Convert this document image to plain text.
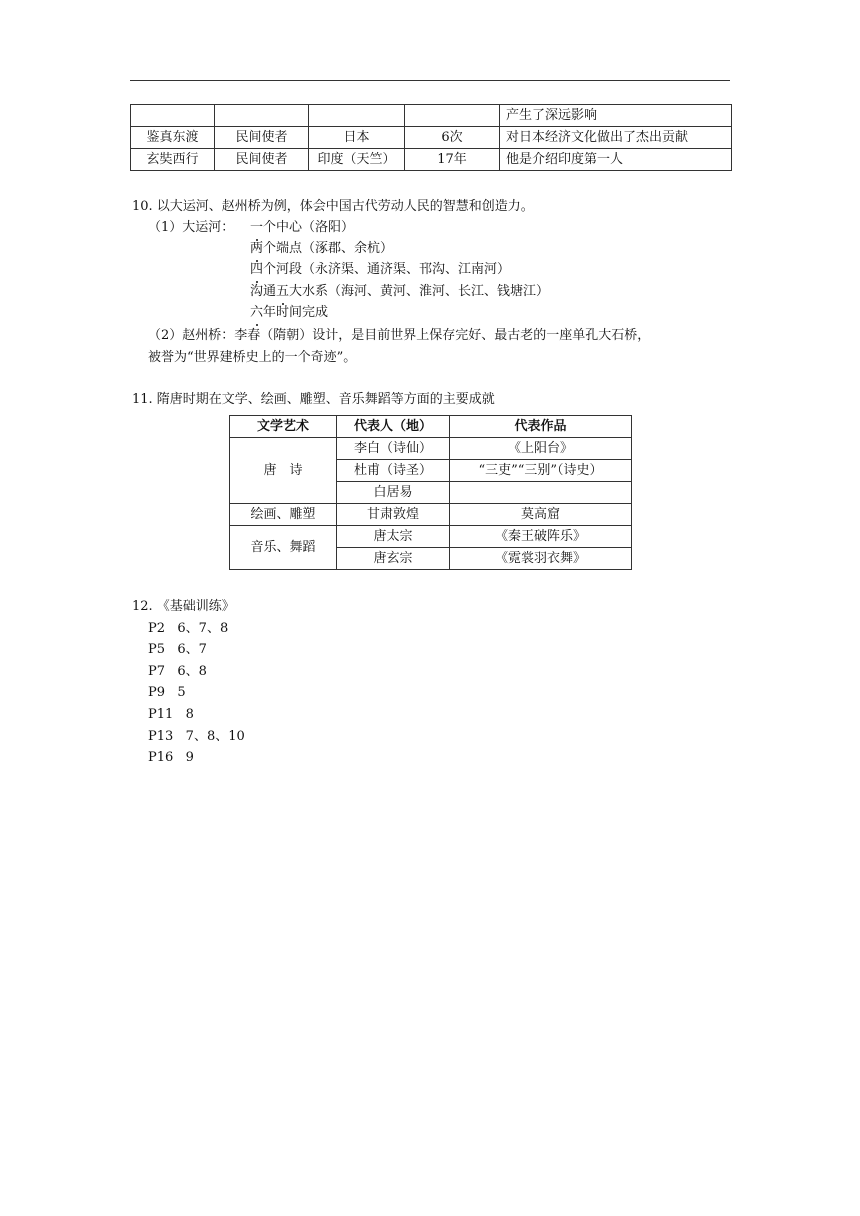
				产生了深远影响
鉴真东渡	民间使者	日本	6次	对日本经济文化做出了杰出贡献
玄奘西行	民间使者	印度（天竺）	17年	他是介绍印度第一人
10. 以大运河、赵州桥为例，体会中国古代劳动人民的智慧和创造力。
（1）大运河： 一个中心（洛阳）
两个端点（涿郡、余杭）
四个河段（永济渠、通济渠、邗沟、江南河）
沟通五大水系（海河、黄河、淮河、长江、钱塘江）
六年时间完成
（2）赵州桥：李春（隋朝）设计，是目前世界上保存完好、最古老的一座单孔大石桥，
被誉为“世界建桥史上的一个奇迹”。
11. 隋唐时期在文学、绘画、雕塑、音乐舞蹈等方面的主要成就
文学艺术	代表人（地）	代表作品
唐　诗	李白（诗仙）	《上阳台》
	杜甫（诗圣）	“三吏”“三别”（诗史）
	白居易	
绘画、雕塑	甘肃敦煌	莫高窟
音乐、舞蹈	唐太宗	《秦王破阵乐》
	唐玄宗	《霓裳羽衣舞》
12. 《基础训练》
P2   6、7、8
P5   6、7
P7   6、8
P9   5
P11   8
P13   7、8、10
P16   9
